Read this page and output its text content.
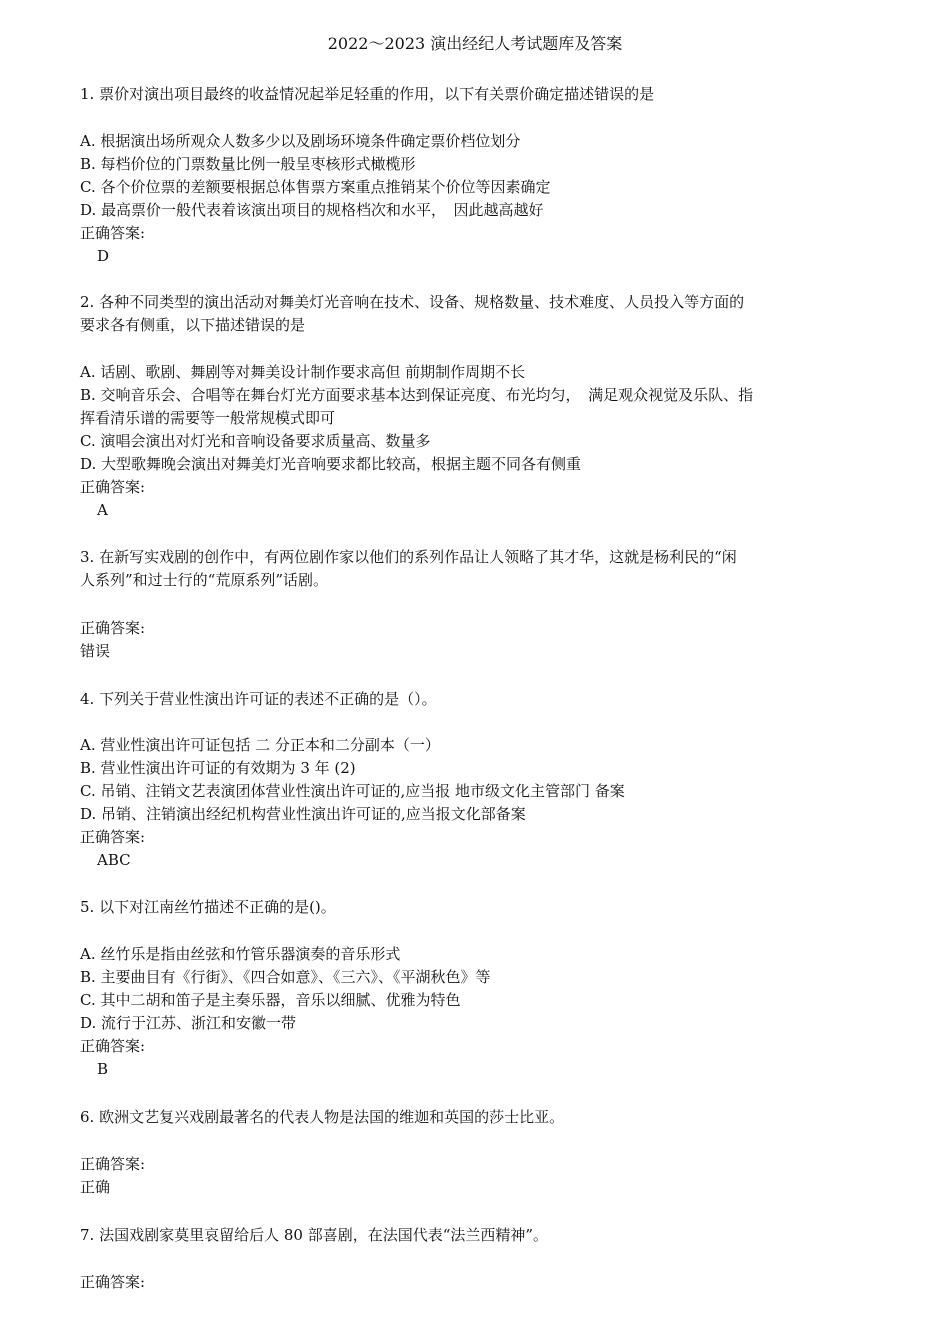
2022～2023 演出经纪人考试题库及答案
1. 票价对演出项目最终的收益情况起举足轻重的作用，以下有关票价确定描述错误的是
A. 根据演出场所观众人数多少以及剧场环境条件确定票价档位划分
B. 每档价位的门票数量比例一般呈枣核形式橄榄形
C. 各个价位票的差额要根据总体售票方案重点推销某个价位等因素确定
D. 最高票价一般代表着该演出项目的规格档次和水平，　因此越高越好
正确答案:
D
2. 各种不同类型的演出活动对舞美灯光音响在技术、设备、规格数量、技术难度、人员投入等方面的
要求各有侧重，以下描述错误的是
A. 话剧、歌剧、舞剧等对舞美设计制作要求高但 前期制作周期不长
B. 交响音乐会、合唱等在舞台灯光方面要求基本达到保证亮度、布光均匀，　满足观众视觉及乐队、指
挥看清乐谱的需要等一般常规模式即可
C. 演唱会演出对灯光和音响设备要求质量高、数量多
D. 大型歌舞晚会演出对舞美灯光音响要求都比较高，根据主题不同各有侧重
正确答案:
A
3. 在新写实戏剧的创作中，有两位剧作家以他们的系列作品让人领略了其才华，这就是杨利民的“闲
人系列”和过士行的“荒原系列”话剧。
正确答案:
错误
4. 下列关于营业性演出许可证的表述不正确的是（）。
A. 营业性演出许可证包括 二 分正本和二分副本（一）
B. 营业性演出许可证的有效期为 3 年 (2)
C. 吊销、注销文艺表演团体营业性演出许可证的,应当报 地市级文化主管部门 备案
D. 吊销、注销演出经纪机构营业性演出许可证的,应当报文化部备案
正确答案:
ABC
5. 以下对江南丝竹描述不正确的是()。
A. 丝竹乐是指由丝弦和竹管乐器演奏的音乐形式
B. 主要曲目有《行街》、《四合如意》、《三六》、《平湖秋色》等
C. 其中二胡和笛子是主奏乐器，音乐以细腻、优雅为特色
D. 流行于江苏、浙江和安徽一带
正确答案:
B
6. 欧洲文艺复兴戏剧最著名的代表人物是法国的维迦和英国的莎士比亚。
正确答案:
正确
7. 法国戏剧家莫里哀留给后人 80 部喜剧，在法国代表“法兰西精神”。
正确答案:
